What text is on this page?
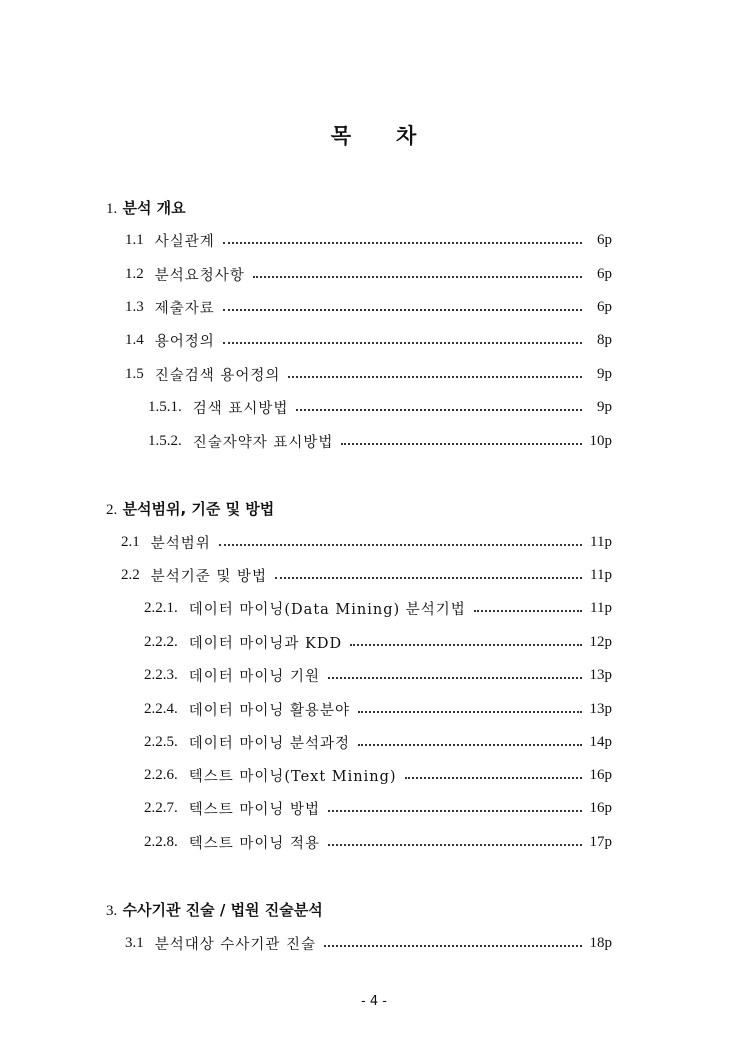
목 차
1. 분석 개요
1.1 사실관계	6p
1.2 분석요청사항	6p
1.3 제출자료	6p
1.4 용어정의	8p
1.5 진술검색 용어정의	9p
1.5.1. 검색 표시방법	9p
1.5.2. 진술자약자 표시방법	10p
2. 분석범위, 기준 및 방법
2.1 분석범위	11p
2.2 분석기준 및 방법	11p
2.2.1. 데이터 마이닝(Data Mining) 분석기법	11p
2.2.2. 데이터 마이닝과 KDD	12p
2.2.3. 데이터 마이닝 기원	13p
2.2.4. 데이터 마이닝 활용분야	13p
2.2.5. 데이터 마이닝 분석과정	14p
2.2.6. 텍스트 마이닝(Text Mining)	16p
2.2.7. 텍스트 마이닝 방법	16p
2.2.8. 텍스트 마이닝 적용	17p
3. 수사기관 진술 / 법원 진술분석
3.1 분석대상 수사기관 진술	18p
- 4 -
